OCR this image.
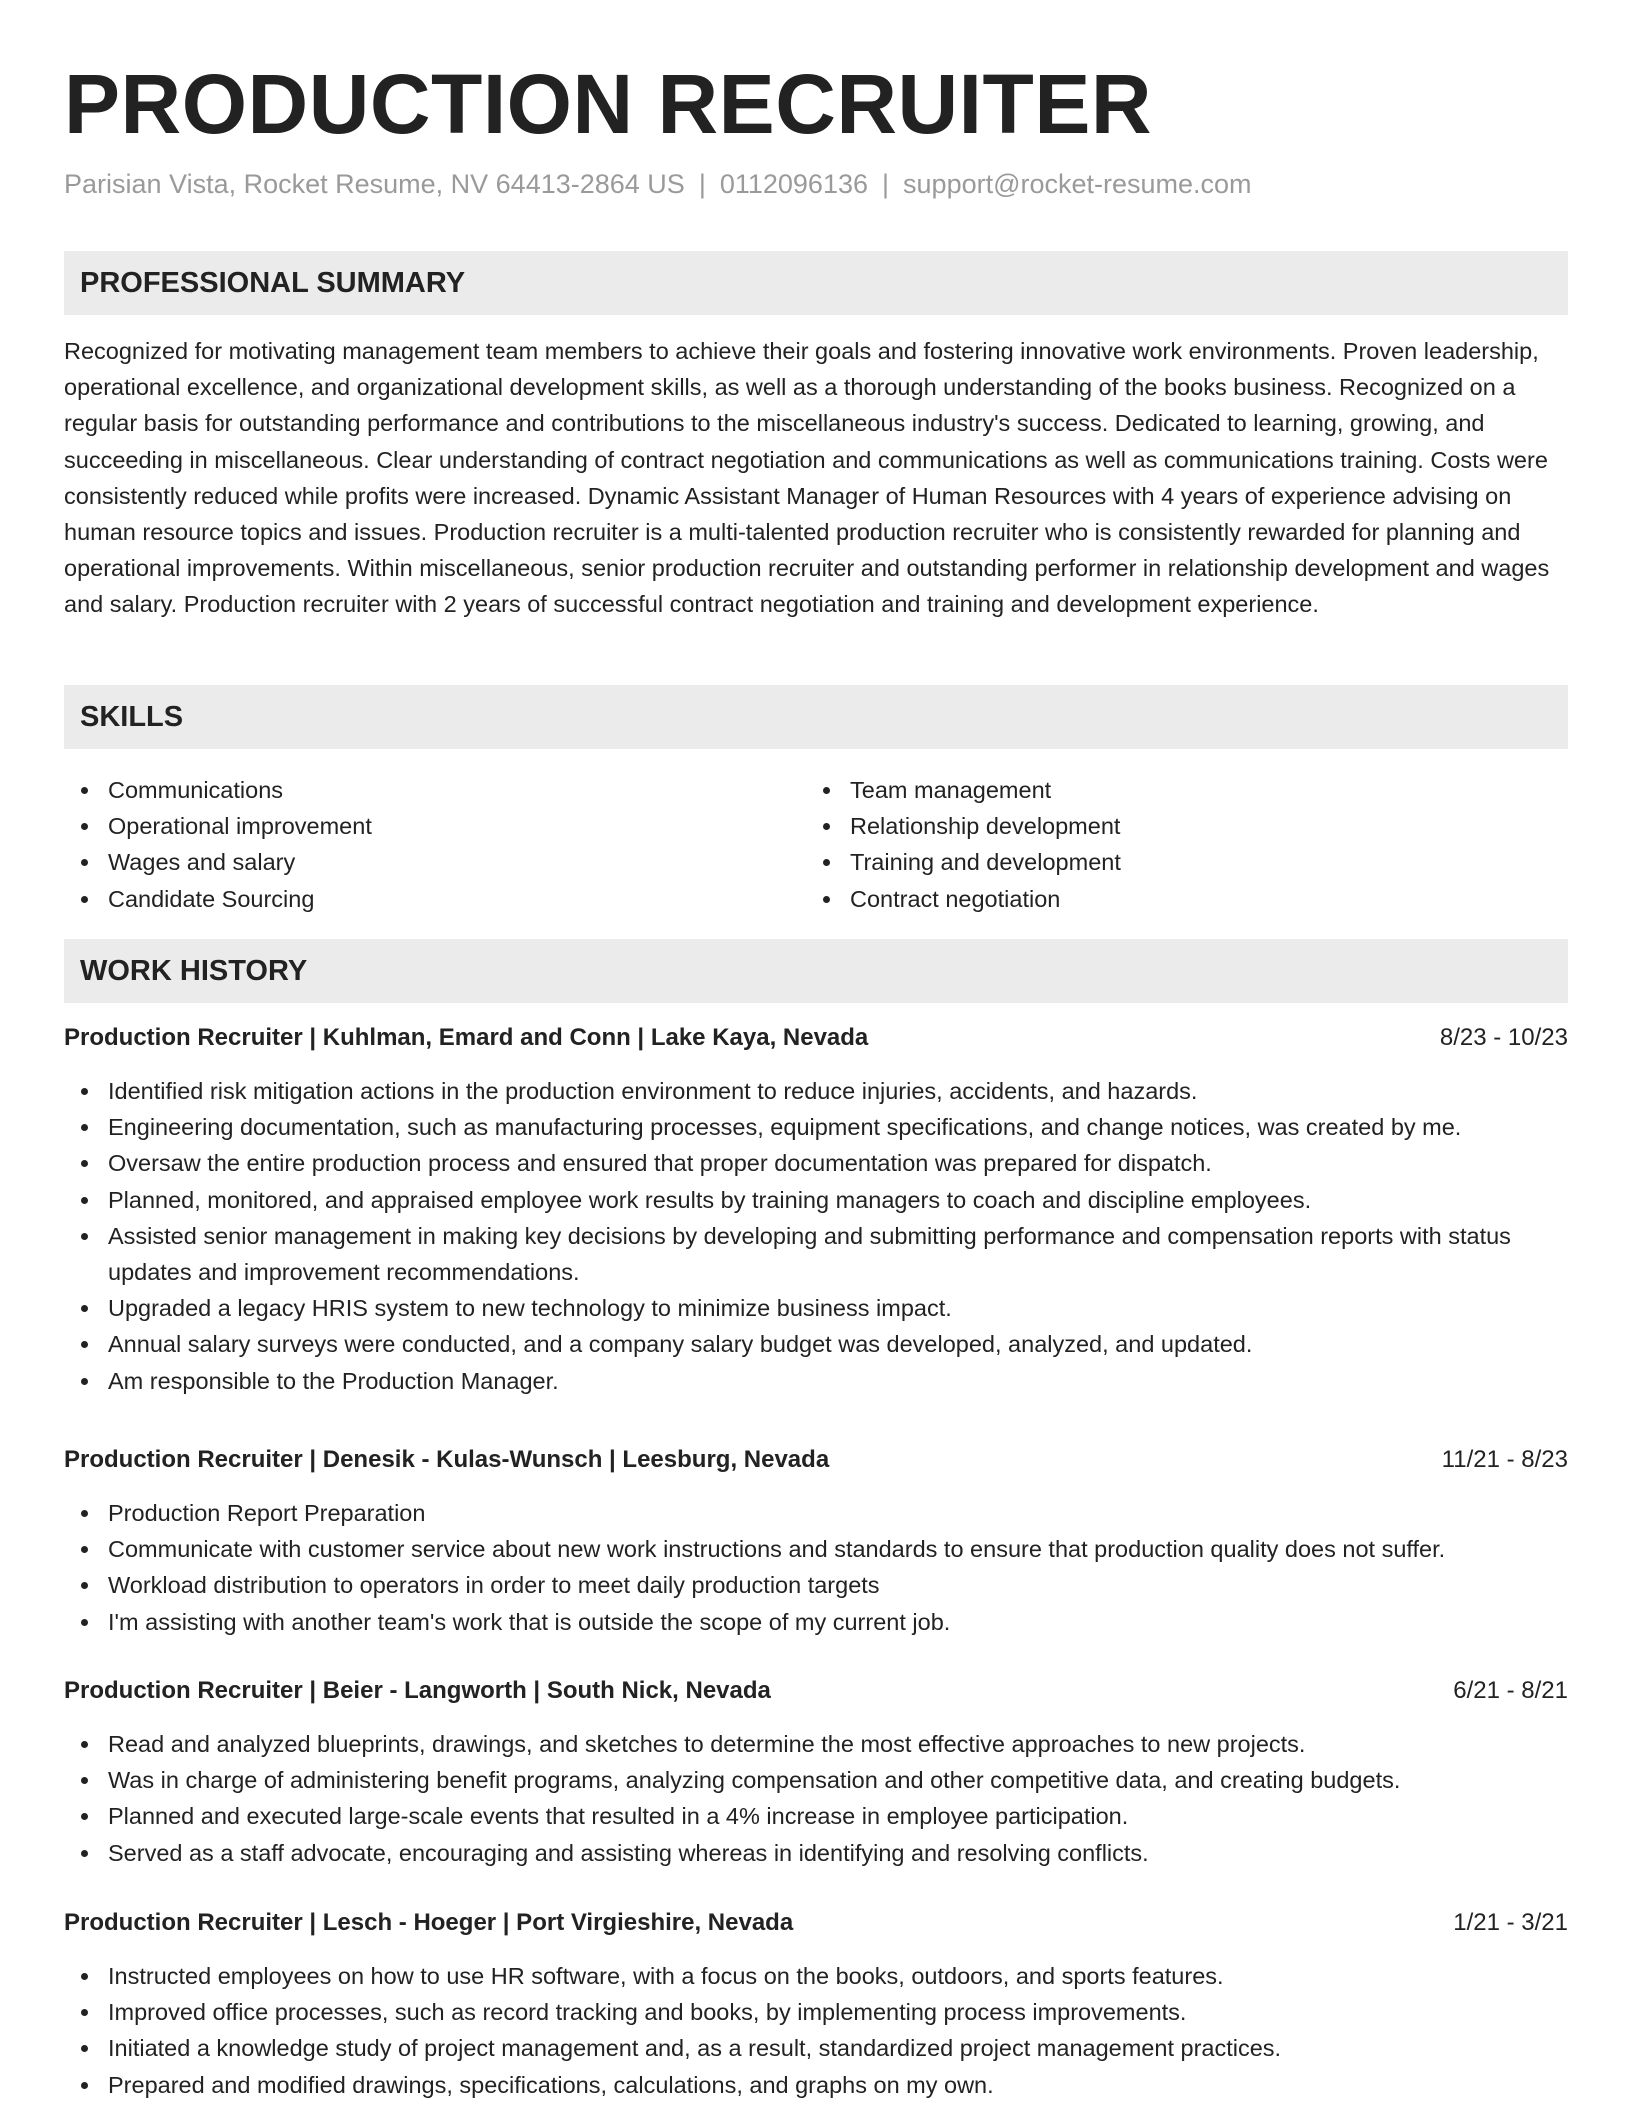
PRODUCTION RECRUITER
Parisian Vista, Rocket Resume, NV 64413-2864 US | 0112096136 | support@rocket-resume.com
PROFESSIONAL SUMMARY

Recognized for motivating management team members to achieve their goals and fostering innovative work environments. Proven leadership, operational excellence, and organizational development skills, as well as a thorough understanding of the books business. Recognized on a regular basis for outstanding performance and contributions to the miscellaneous industry's success. Dedicated to learning, growing, and succeeding in miscellaneous. Clear understanding of contract negotiation and communications as well as communications training. Costs were consistently reduced while profits were increased. Dynamic Assistant Manager of Human Resources with 4 years of experience advising on human resource topics and issues. Production recruiter is a multi-talented production recruiter who is consistently rewarded for planning and operational improvements. Within miscellaneous, senior production recruiter and outstanding performer in relationship development and wages and salary. Production recruiter with 2 years of successful contract negotiation and training and development experience.

SKILLS
Communications
Operational improvement
Wages and salary
Candidate Sourcing
Team management
Relationship development
Training and development
Contract negotiation
WORK HISTORY
Production Recruiter | Kuhlman, Emard and Conn | Lake Kaya, Nevada	8/23 - 10/23
Identified risk mitigation actions in the production environment to reduce injuries, accidents, and hazards.
Engineering documentation, such as manufacturing processes, equipment specifications, and change notices, was created by me.
Oversaw the entire production process and ensured that proper documentation was prepared for dispatch.
Planned, monitored, and appraised employee work results by training managers to coach and discipline employees.
Assisted senior management in making key decisions by developing and submitting performance and compensation reports with status updates and improvement recommendations.
Upgraded a legacy HRIS system to new technology to minimize business impact.
Annual salary surveys were conducted, and a company salary budget was developed, analyzed, and updated.
Am responsible to the Production Manager.
Production Recruiter | Denesik - Kulas-Wunsch | Leesburg, Nevada	11/21 - 8/23
Production Report Preparation
Communicate with customer service about new work instructions and standards to ensure that production quality does not suffer.
Workload distribution to operators in order to meet daily production targets
I'm assisting with another team's work that is outside the scope of my current job.
Production Recruiter | Beier - Langworth | South Nick, Nevada	6/21 - 8/21
Read and analyzed blueprints, drawings, and sketches to determine the most effective approaches to new projects.
Was in charge of administering benefit programs, analyzing compensation and other competitive data, and creating budgets.
Planned and executed large-scale events that resulted in a 4% increase in employee participation.
Served as a staff advocate, encouraging and assisting whereas in identifying and resolving conflicts.
Production Recruiter | Lesch - Hoeger | Port Virgieshire, Nevada	1/21 - 3/21
Instructed employees on how to use HR software, with a focus on the books, outdoors, and sports features.
Improved office processes, such as record tracking and books, by implementing process improvements.
Initiated a knowledge study of project management and, as a result, standardized project management practices.
Prepared and modified drawings, specifications, calculations, and graphs on my own.
